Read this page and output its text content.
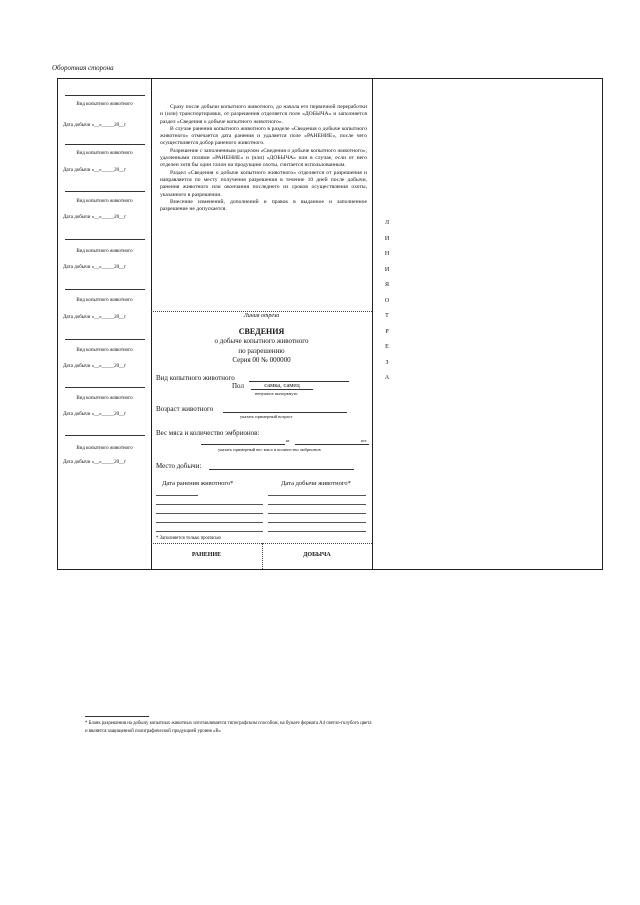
Оборотная сторона
Вид копытного животного
Дата добычи «__»_____20__г
Вид копытного животного
Дата добычи «__»_____20__г
Вид копытного животного
Дата добычи «__»_____20__г
Вид копытного животного
Дата добычи «__»_____20__г
Вид копытного животного
Дата добычи «__»_____20__г
Вид копытного животного
Дата добычи «__»_____20__г
Вид копытного животного
Дата добычи «__»_____20__г
Вид копытного животного
Дата добычи «__»_____20__г

Сразу после добычи копытного животного, до начала его первичной переработки и (или) транспортировки, от разрешения отделяется поле «ДОБЫЧА» и заполняется раздел «Сведения о добыче копытного животного».

В случае ранения копытного животного в разделе «Сведения о добыче копытного животного» отмечается дата ранения и удаляется поле «РАНЕНИЕ», после чего осуществляется добор раненого животного.

Разрешение с заполненным разделом «Сведения о добыче копытного животного», удаленными полями «РАНЕНИЕ» и (или) «ДОБЫЧА» или в случае, если от него отделен хотя бы один талон на продукцию охоты, считается использованным.

Раздел «Сведения о добыче копытного животного» отделяется от разрешения и направляется по месту получения разрешения в течение 10 дней после добычи, ранения животного или окончания последнего из сроков осуществления охоты, указанного в разрешении.

Внесение изменений, дополнений и правок в выданное и заполненное разрешение не допускается.

Линия отреза
Л
И
Н
И
Я
О
Т
Р
Е
З
А
СВЕДЕНИЯ
о добыче копытного животного
по разрешению
Серия 00 № 000000
Вид копытного животного
Пол	самка, самец
ненужное вычеркнуть
Возраст животного
указать примерный возраст
Вес мяса и количество эмбрионов:
кг	шт
указать примерный вес мяса и количество эмбрионов
Место добычи:
Дата ранения животного*	Дата добычи животного*
* Заполняется только прописью
РАНЕНИЕ	ДОБЫЧА
* Бланк разрешения на добычу копытных животных изготавливается типографским способом, на бумаге формата А4 светло-голубого цвета
и является защищенной полиграфической продукцией уровня «В»
